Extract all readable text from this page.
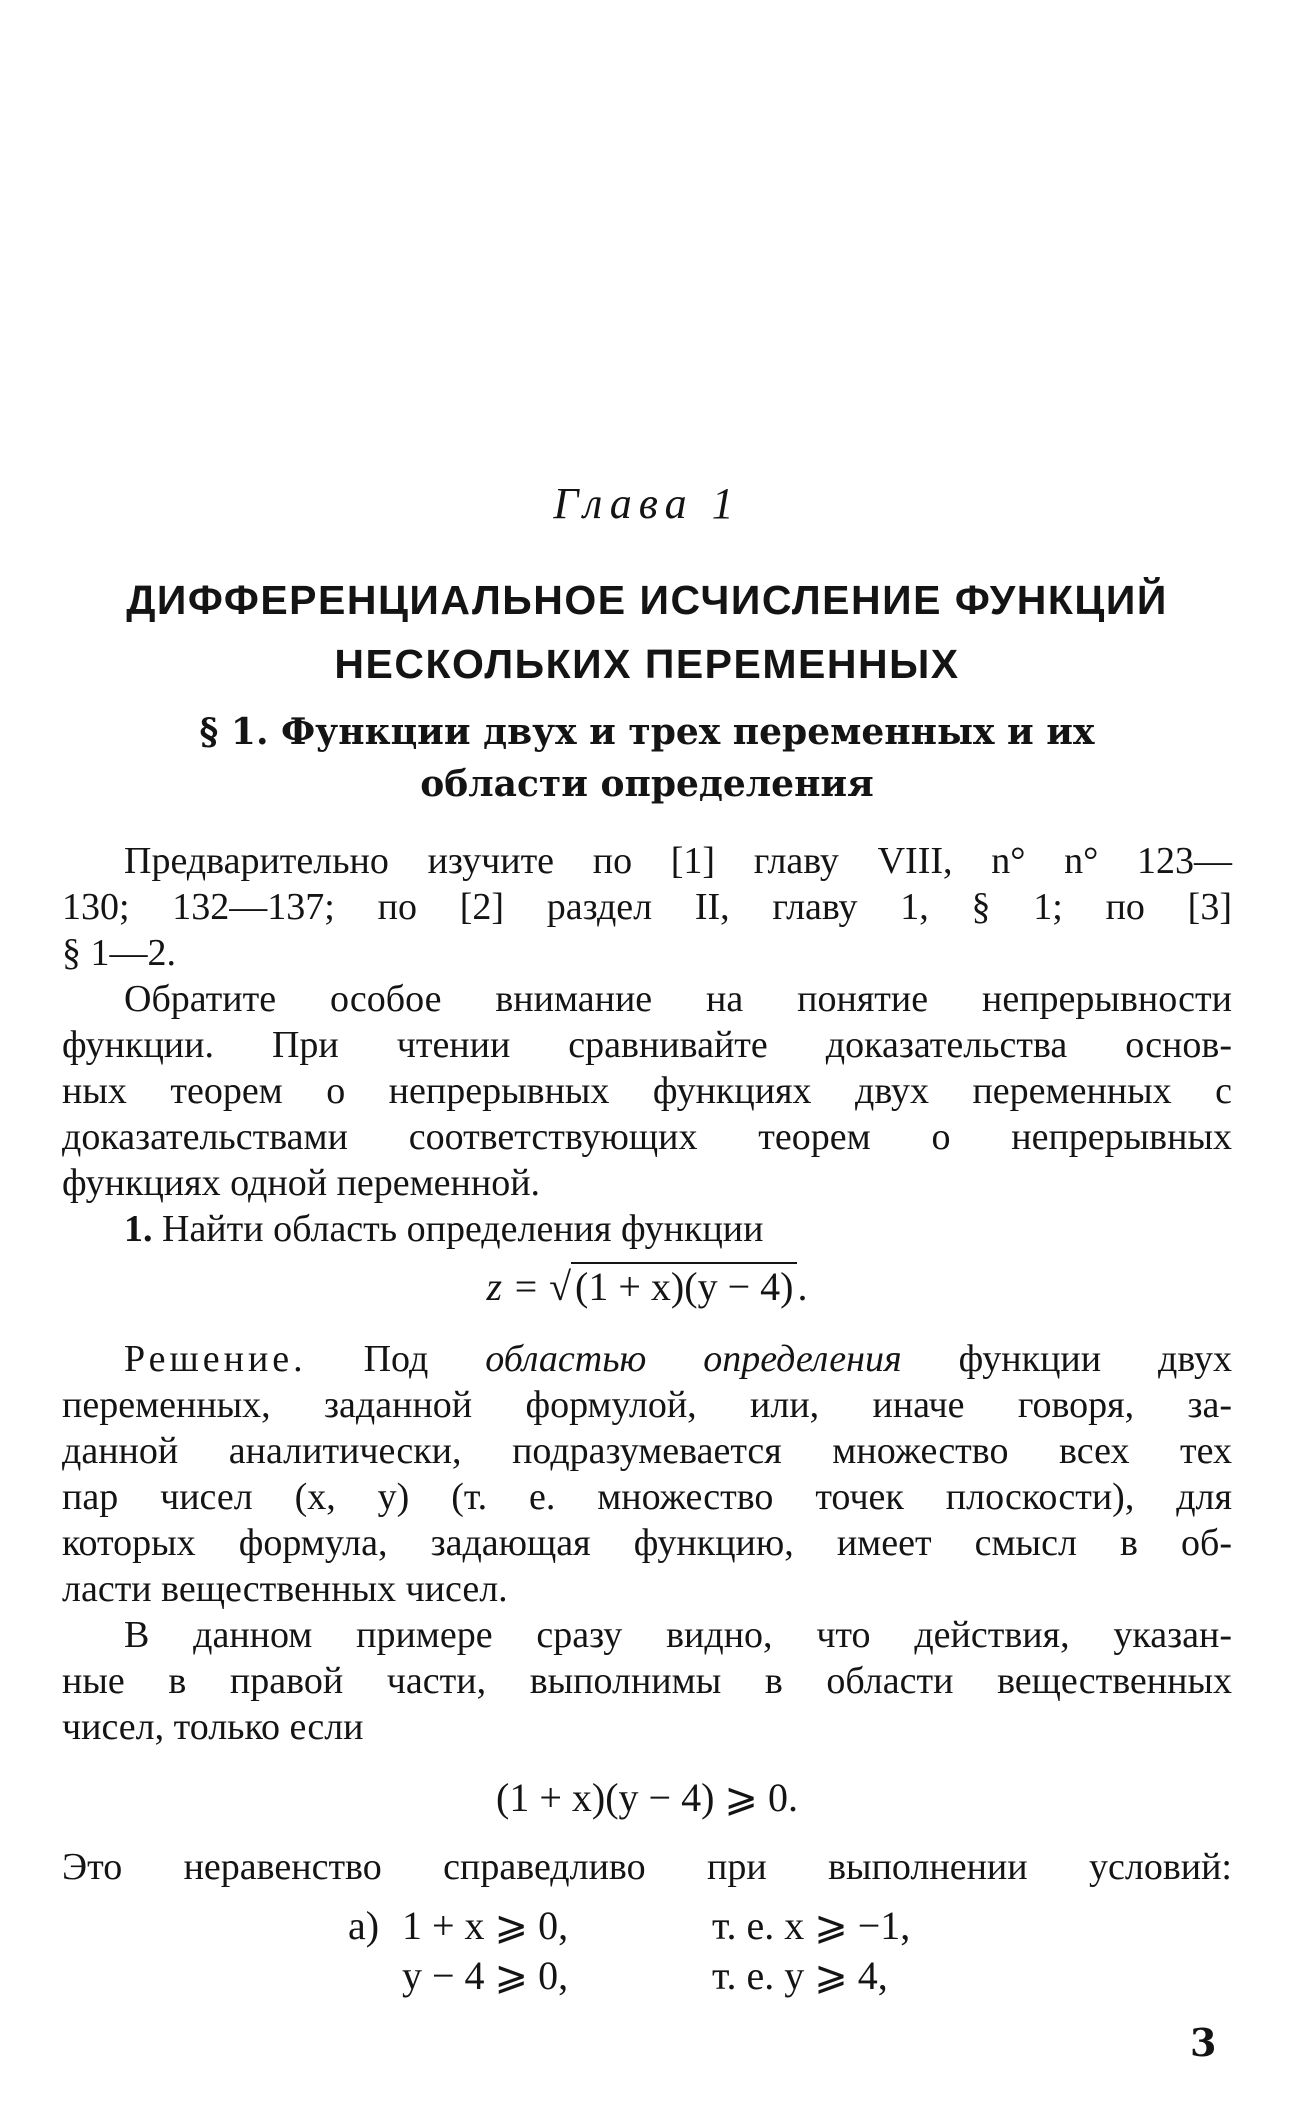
Глава 1
ДИФФЕРЕНЦИАЛЬНОЕ ИСЧИСЛЕНИЕ ФУНКЦИЙ
НЕСКОЛЬКИХ ПЕРЕМЕННЫХ
§ 1. Функции двух и трех переменных и их
области определения
Предварительно изучите по [1] главу VIII, n° n° 123—
130; 132—137; по [2] раздел II, главу 1, § 1; по [3]
§ 1—2.
Обратите особое внимание на понятие непрерывности
функции. При чтении сравнивайте доказательства основ-
ных теорем о непрерывных функциях двух переменных с
доказательствами соответствующих теорем о непрерывных
функциях одной переменной.
1. Найти область определения функции
z = √ (1 + x)(y − 4) .
Решение. Под областью определения функции двух
переменных, заданной формулой, или, иначе говоря, за-
данной аналитически, подразумевается множество всех тех
пар чисел (x, y) (т. е. множество точек плоскости), для
которых формула, задающая функцию, имеет смысл в об-
ласти вещественных чисел.
В данном примере сразу видно, что действия, указан-
ные в правой части, выполнимы в области вещественных
чисел, только если
(1 + x)(y − 4) ⩾ 0.
Это неравенство справедливо при выполнении условий:
а) 1 + x ⩾ 0,	т. е. x ⩾ −1,
y − 4 ⩾ 0,	т. е. y ⩾ 4,
3
